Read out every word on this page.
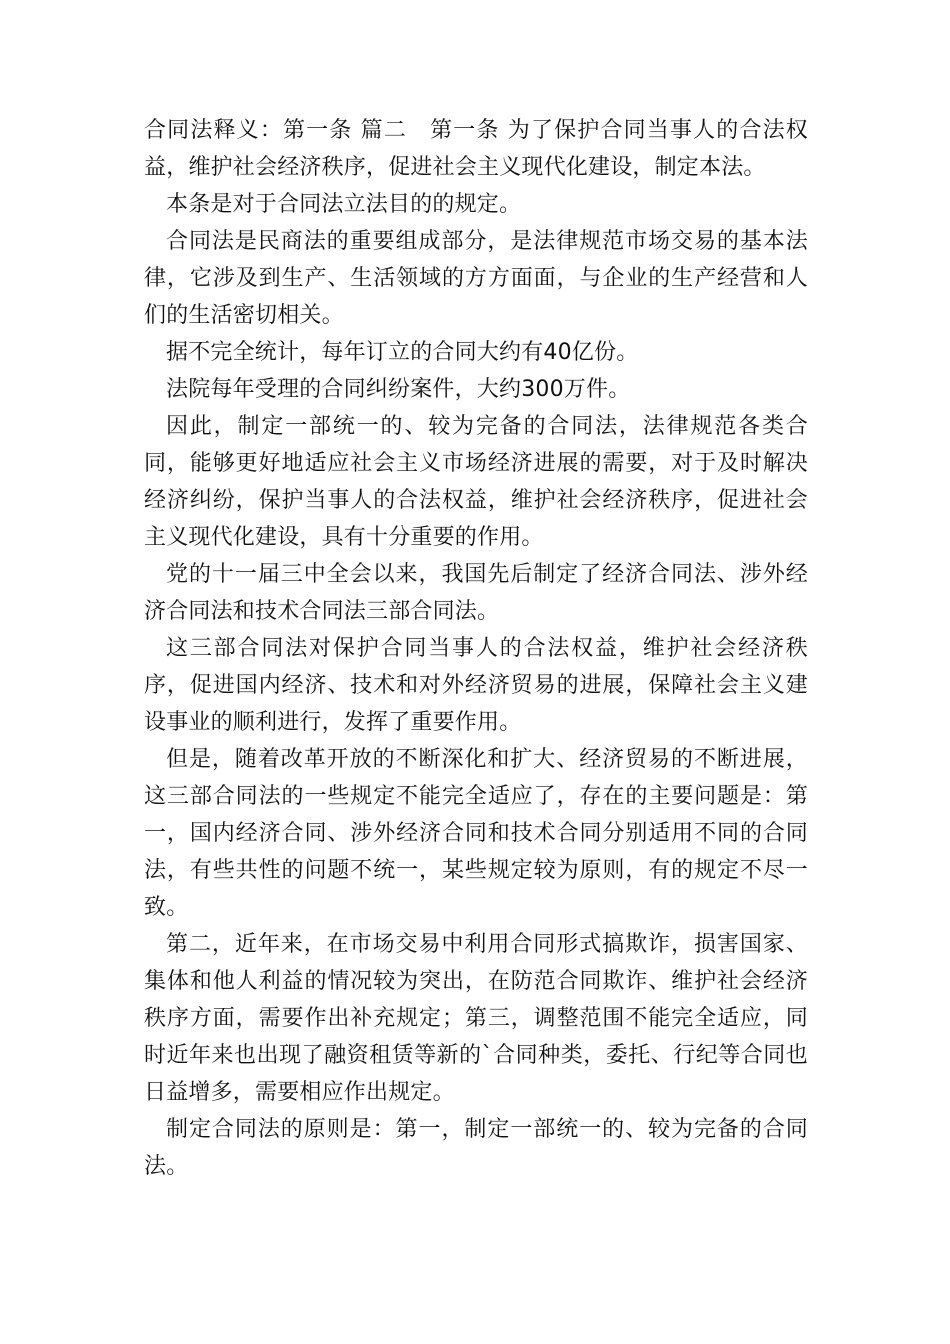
合同法释义：第一条 篇二　第一条 为了保护合同当事人的合法权益，维护社会经济秩序，促进社会主义现代化建设，制定本法。

本条是对于合同法立法目的的规定。

合同法是民商法的重要组成部分，是法律规范市场交易的基本法律，它涉及到生产、生活领域的方方面面，与企业的生产经营和人们的生活密切相关。

据不完全统计，每年订立的合同大约有40亿份。

法院每年受理的合同纠纷案件，大约300万件。

因此，制定一部统一的、较为完备的合同法，法律规范各类合同，能够更好地适应社会主义市场经济进展的需要，对于及时解决经济纠纷，保护当事人的合法权益，维护社会经济秩序，促进社会主义现代化建设，具有十分重要的作用。

党的十一届三中全会以来，我国先后制定了经济合同法、涉外经济合同法和技术合同法三部合同法。

这三部合同法对保护合同当事人的合法权益，维护社会经济秩序，促进国内经济、技术和对外经济贸易的进展，保障社会主义建设事业的顺利进行，发挥了重要作用。

但是，随着改革开放的不断深化和扩大、经济贸易的不断进展，这三部合同法的一些规定不能完全适应了，存在的主要问题是：第一，国内经济合同、涉外经济合同和技术合同分别适用不同的合同法，有些共性的问题不统一，某些规定较为原则，有的规定不尽一致。

第二，近年来，在市场交易中利用合同形式搞欺诈，损害国家、集体和他人利益的情况较为突出，在防范合同欺诈、维护社会经济秩序方面，需要作出补充规定；第三，调整范围不能完全适应，同时近年来也出现了融资租赁等新的`合同种类，委托、行纪等合同也日益增多，需要相应作出规定。

制定合同法的原则是：第一，制定一部统一的、较为完备的合同法。
